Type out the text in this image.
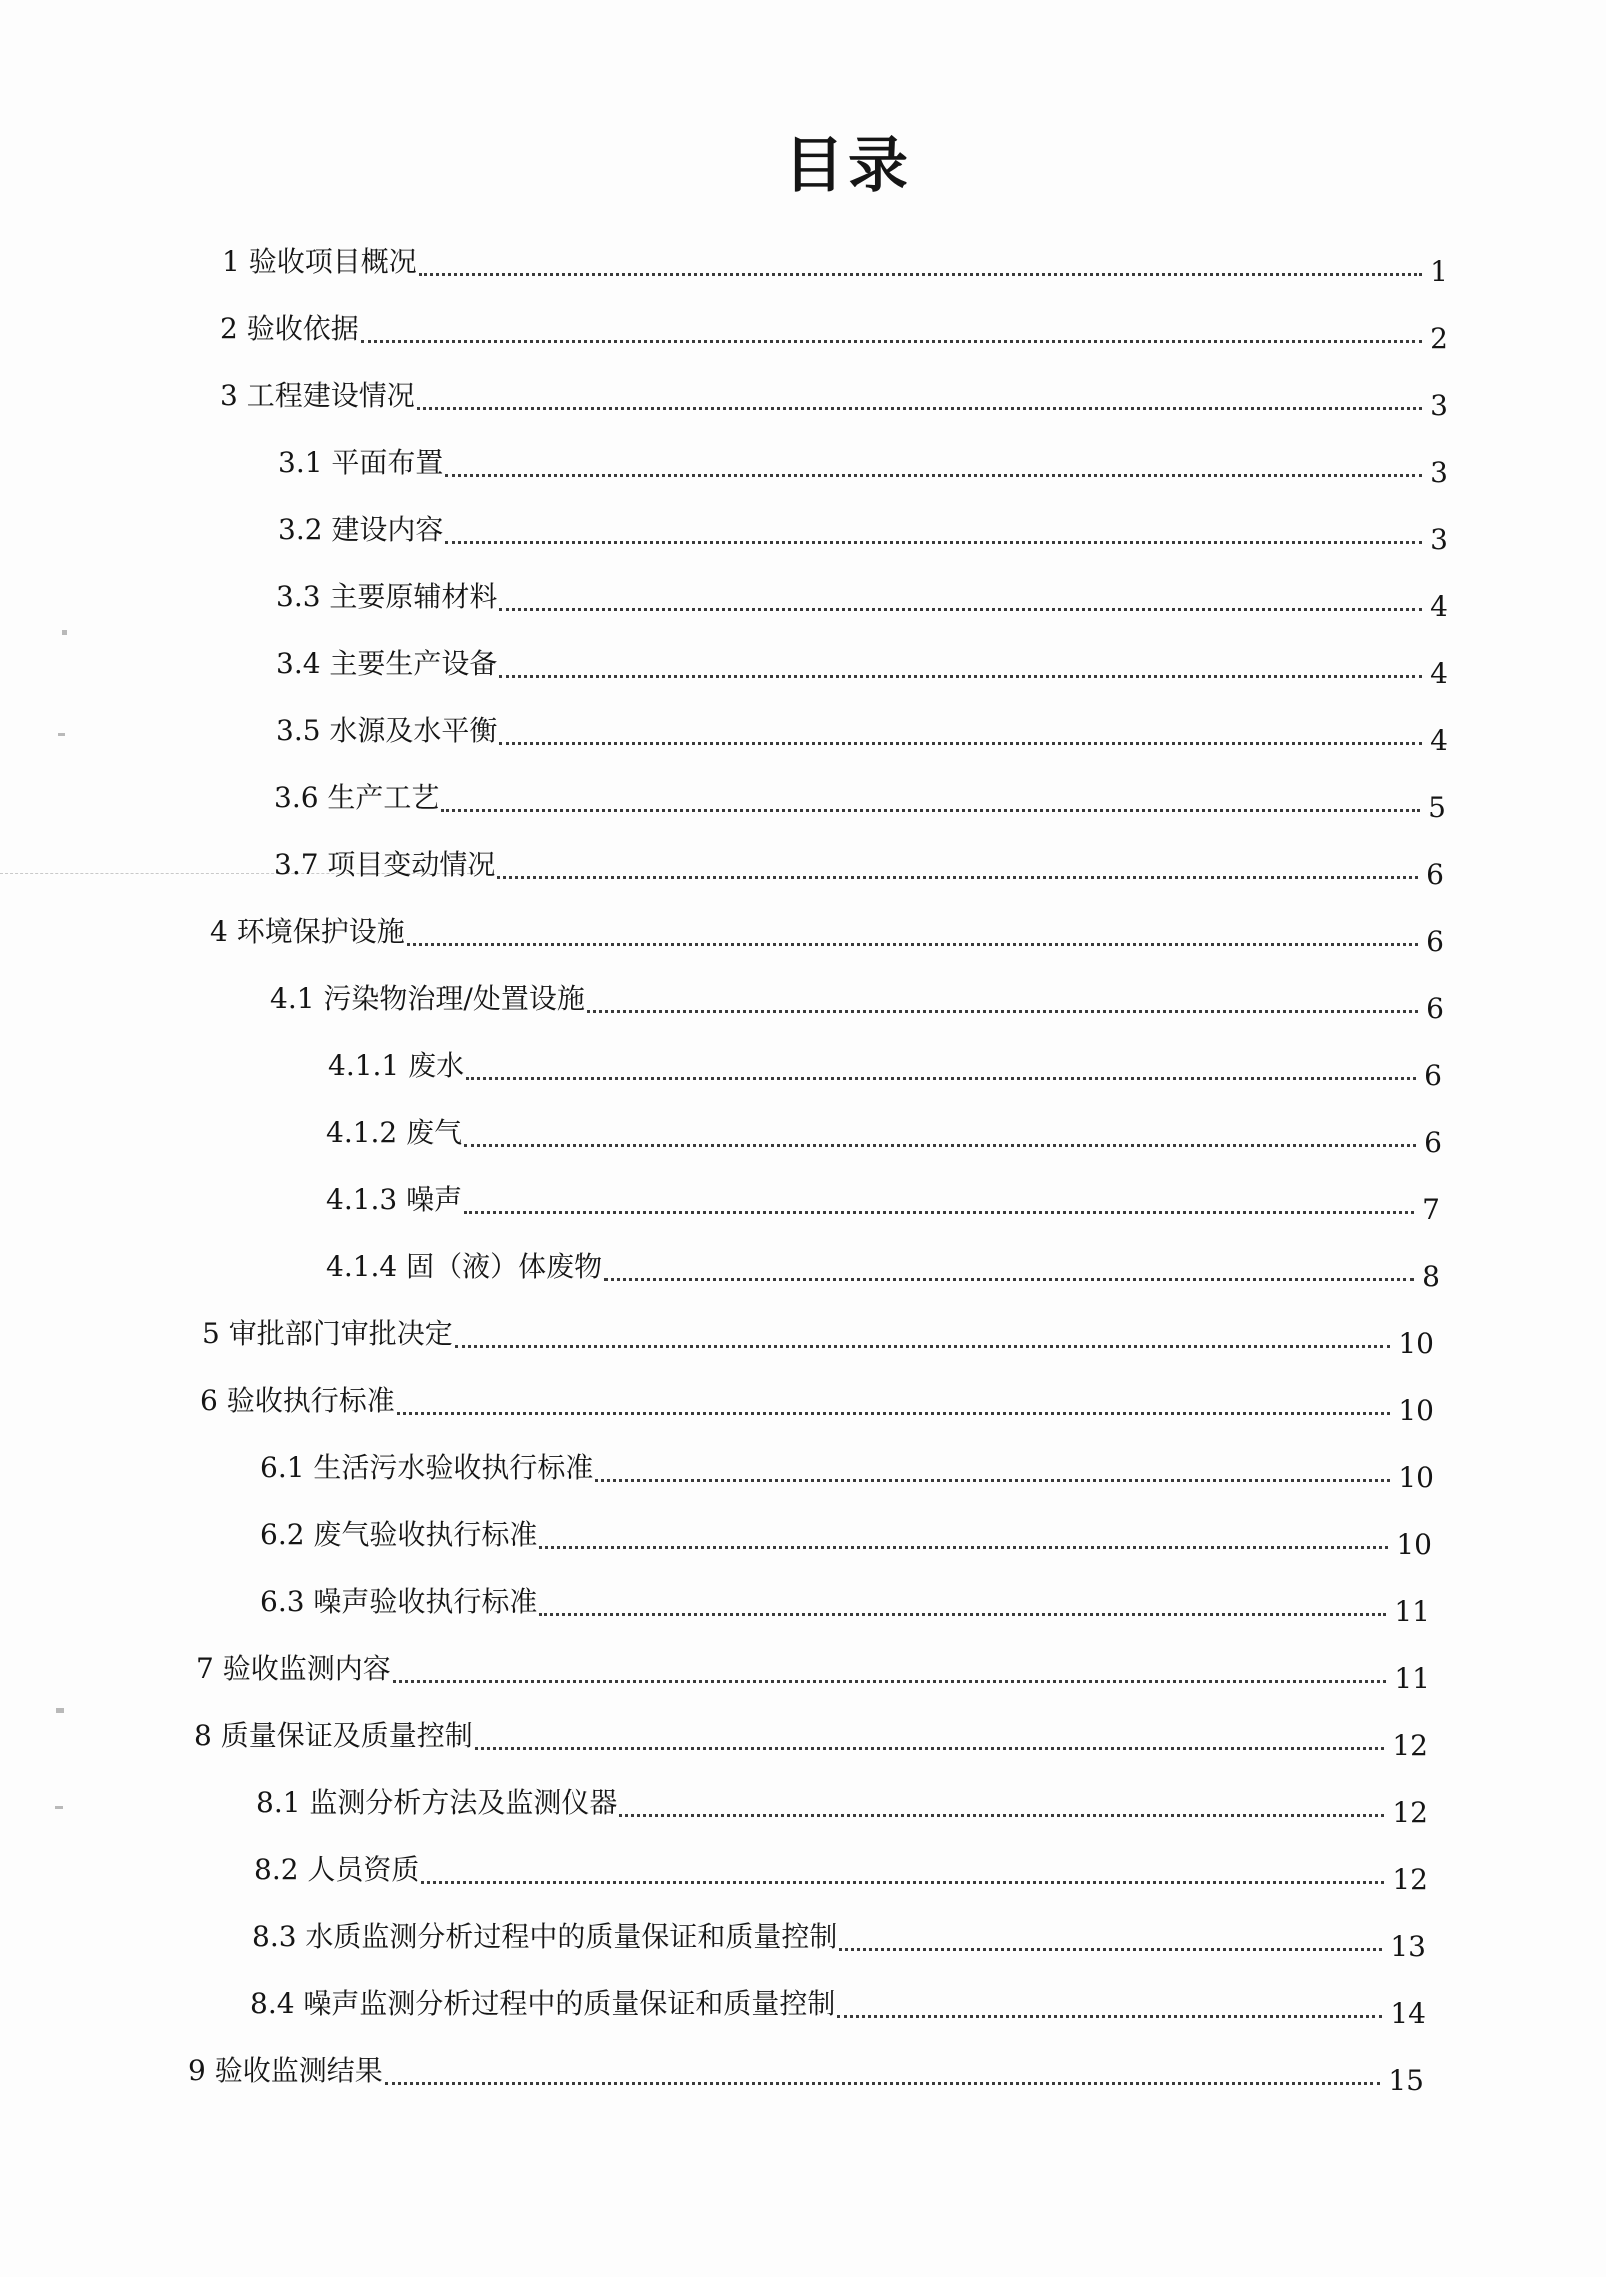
目录
1 验收项目概况	1
2 验收依据	2
3 工程建设情况	3
3.1 平面布置	3
3.2 建设内容	3
3.3 主要原辅材料	4
3.4 主要生产设备	4
3.5 水源及水平衡	4
3.6 生产工艺	5
3.7 项目变动情况	6
4 环境保护设施	6
4.1 污染物治理/处置设施	6
4.1.1 废水	6
4.1.2 废气	6
4.1.3 噪声	7
4.1.4 固（液）体废物	8
5 审批部门审批决定	10
6 验收执行标准	10
6.1 生活污水验收执行标准	10
6.2 废气验收执行标准	10
6.3 噪声验收执行标准	11
7 验收监测内容	11
8 质量保证及质量控制	12
8.1 监测分析方法及监测仪器	12
8.2 人员资质	12
8.3 水质监测分析过程中的质量保证和质量控制	13
8.4 噪声监测分析过程中的质量保证和质量控制	14
9 验收监测结果	15
